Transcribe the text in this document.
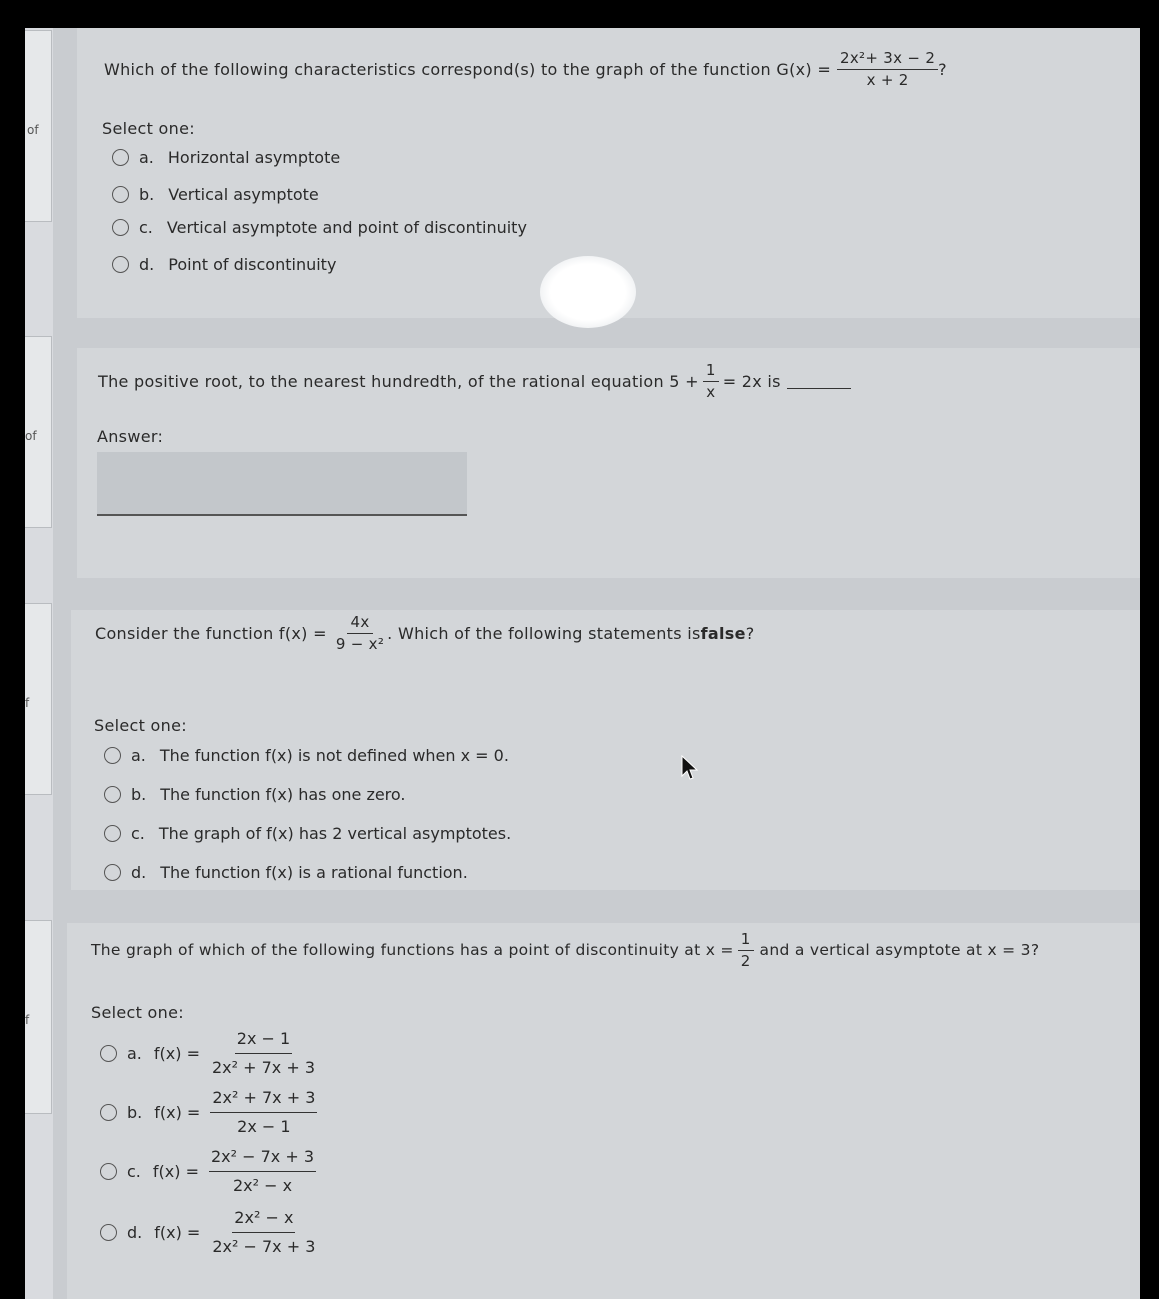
of
of
f
f
Which of the following characteristics correspond(s) to the graph of the function $G(x) = \frac{\text{2x²+ 3x − 2}}{x + 2}$ ?
Select one:
a. Horizontal asymptote
b. Vertical asymptote
c. Vertical asymptote and point of discontinuity
d. Point of discontinuity
The positive root, to the nearest hundredth, of the rational equation $5 + \frac{1}{x} = 2x$ is
Answer:
Consider the function $f(x) = \frac{4x}{\text{9 − x²}}$ . Which of the following statements is false ?
Select one:
a. The function f(x) is not defined when x = 0.
b. The function f(x) has one zero.
c. The graph of f(x) has 2 vertical asymptotes.
d. The function f(x) is a rational function.
The graph of which of the following functions has a point of discontinuity at $x = \frac{1}{2}$ and a vertical asymptote at x = 3?
Select one:
a. $f(x) = \frac{2x - 1}{\text{2x² + 7x + 3}}$
b. $f(x) = \frac{\text{2x² + 7x + 3}}{2x - 1}$
c. $f(x) = \frac{\text{2x² − 7x + 3}}{\text{2x² − x}}$
d. $f(x) = \frac{\text{2x² − x}}{\text{2x² − 7x + 3}}$
